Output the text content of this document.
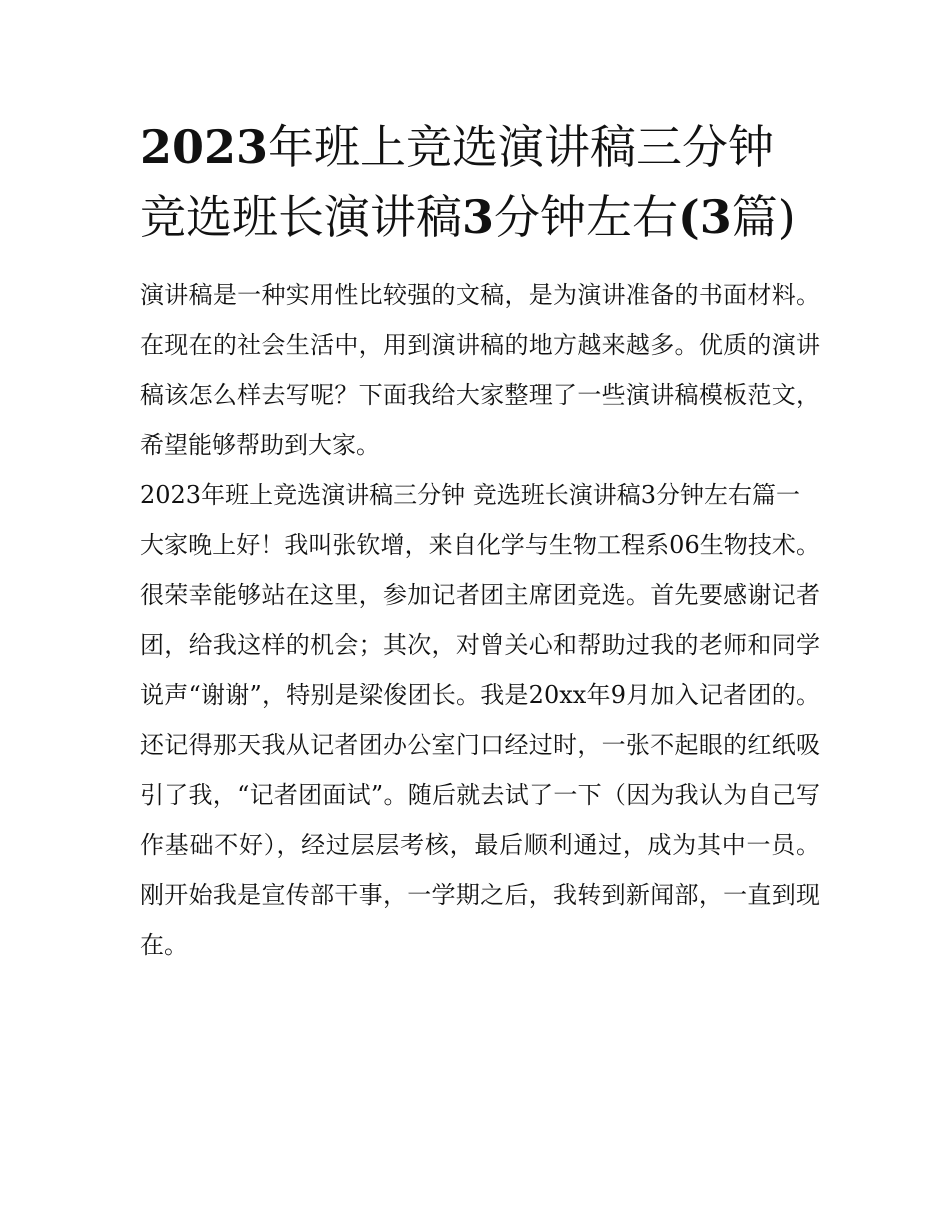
2023年班上竞选演讲稿三分钟竞选班长演讲稿3分钟左右(3篇)

演讲稿是一种实用性比较强的文稿，是为演讲准备的书面材料。在现在的社会生活中，用到演讲稿的地方越来越多。优质的演讲稿该怎么样去写呢？下面我给大家整理了一些演讲稿模板范文，希望能够帮助到大家。

2023年班上竞选演讲稿三分钟 竞选班长演讲稿3分钟左右篇一

大家晚上好！我叫张钦增，来自化学与生物工程系06生物技术。很荣幸能够站在这里，参加记者团主席团竞选。首先要感谢记者团，给我这样的机会；其次，对曾关心和帮助过我的老师和同学说声“谢谢”，特别是梁俊团长。我是20xx年9月加入记者团的。还记得那天我从记者团办公室门口经过时，一张不起眼的红纸吸引了我，“记者团面试”。随后就去试了一下（因为我认为自己写作基础不好），经过层层考核，最后顺利通过，成为其中一员。刚开始我是宣传部干事，一学期之后，我转到新闻部，一直到现在。
